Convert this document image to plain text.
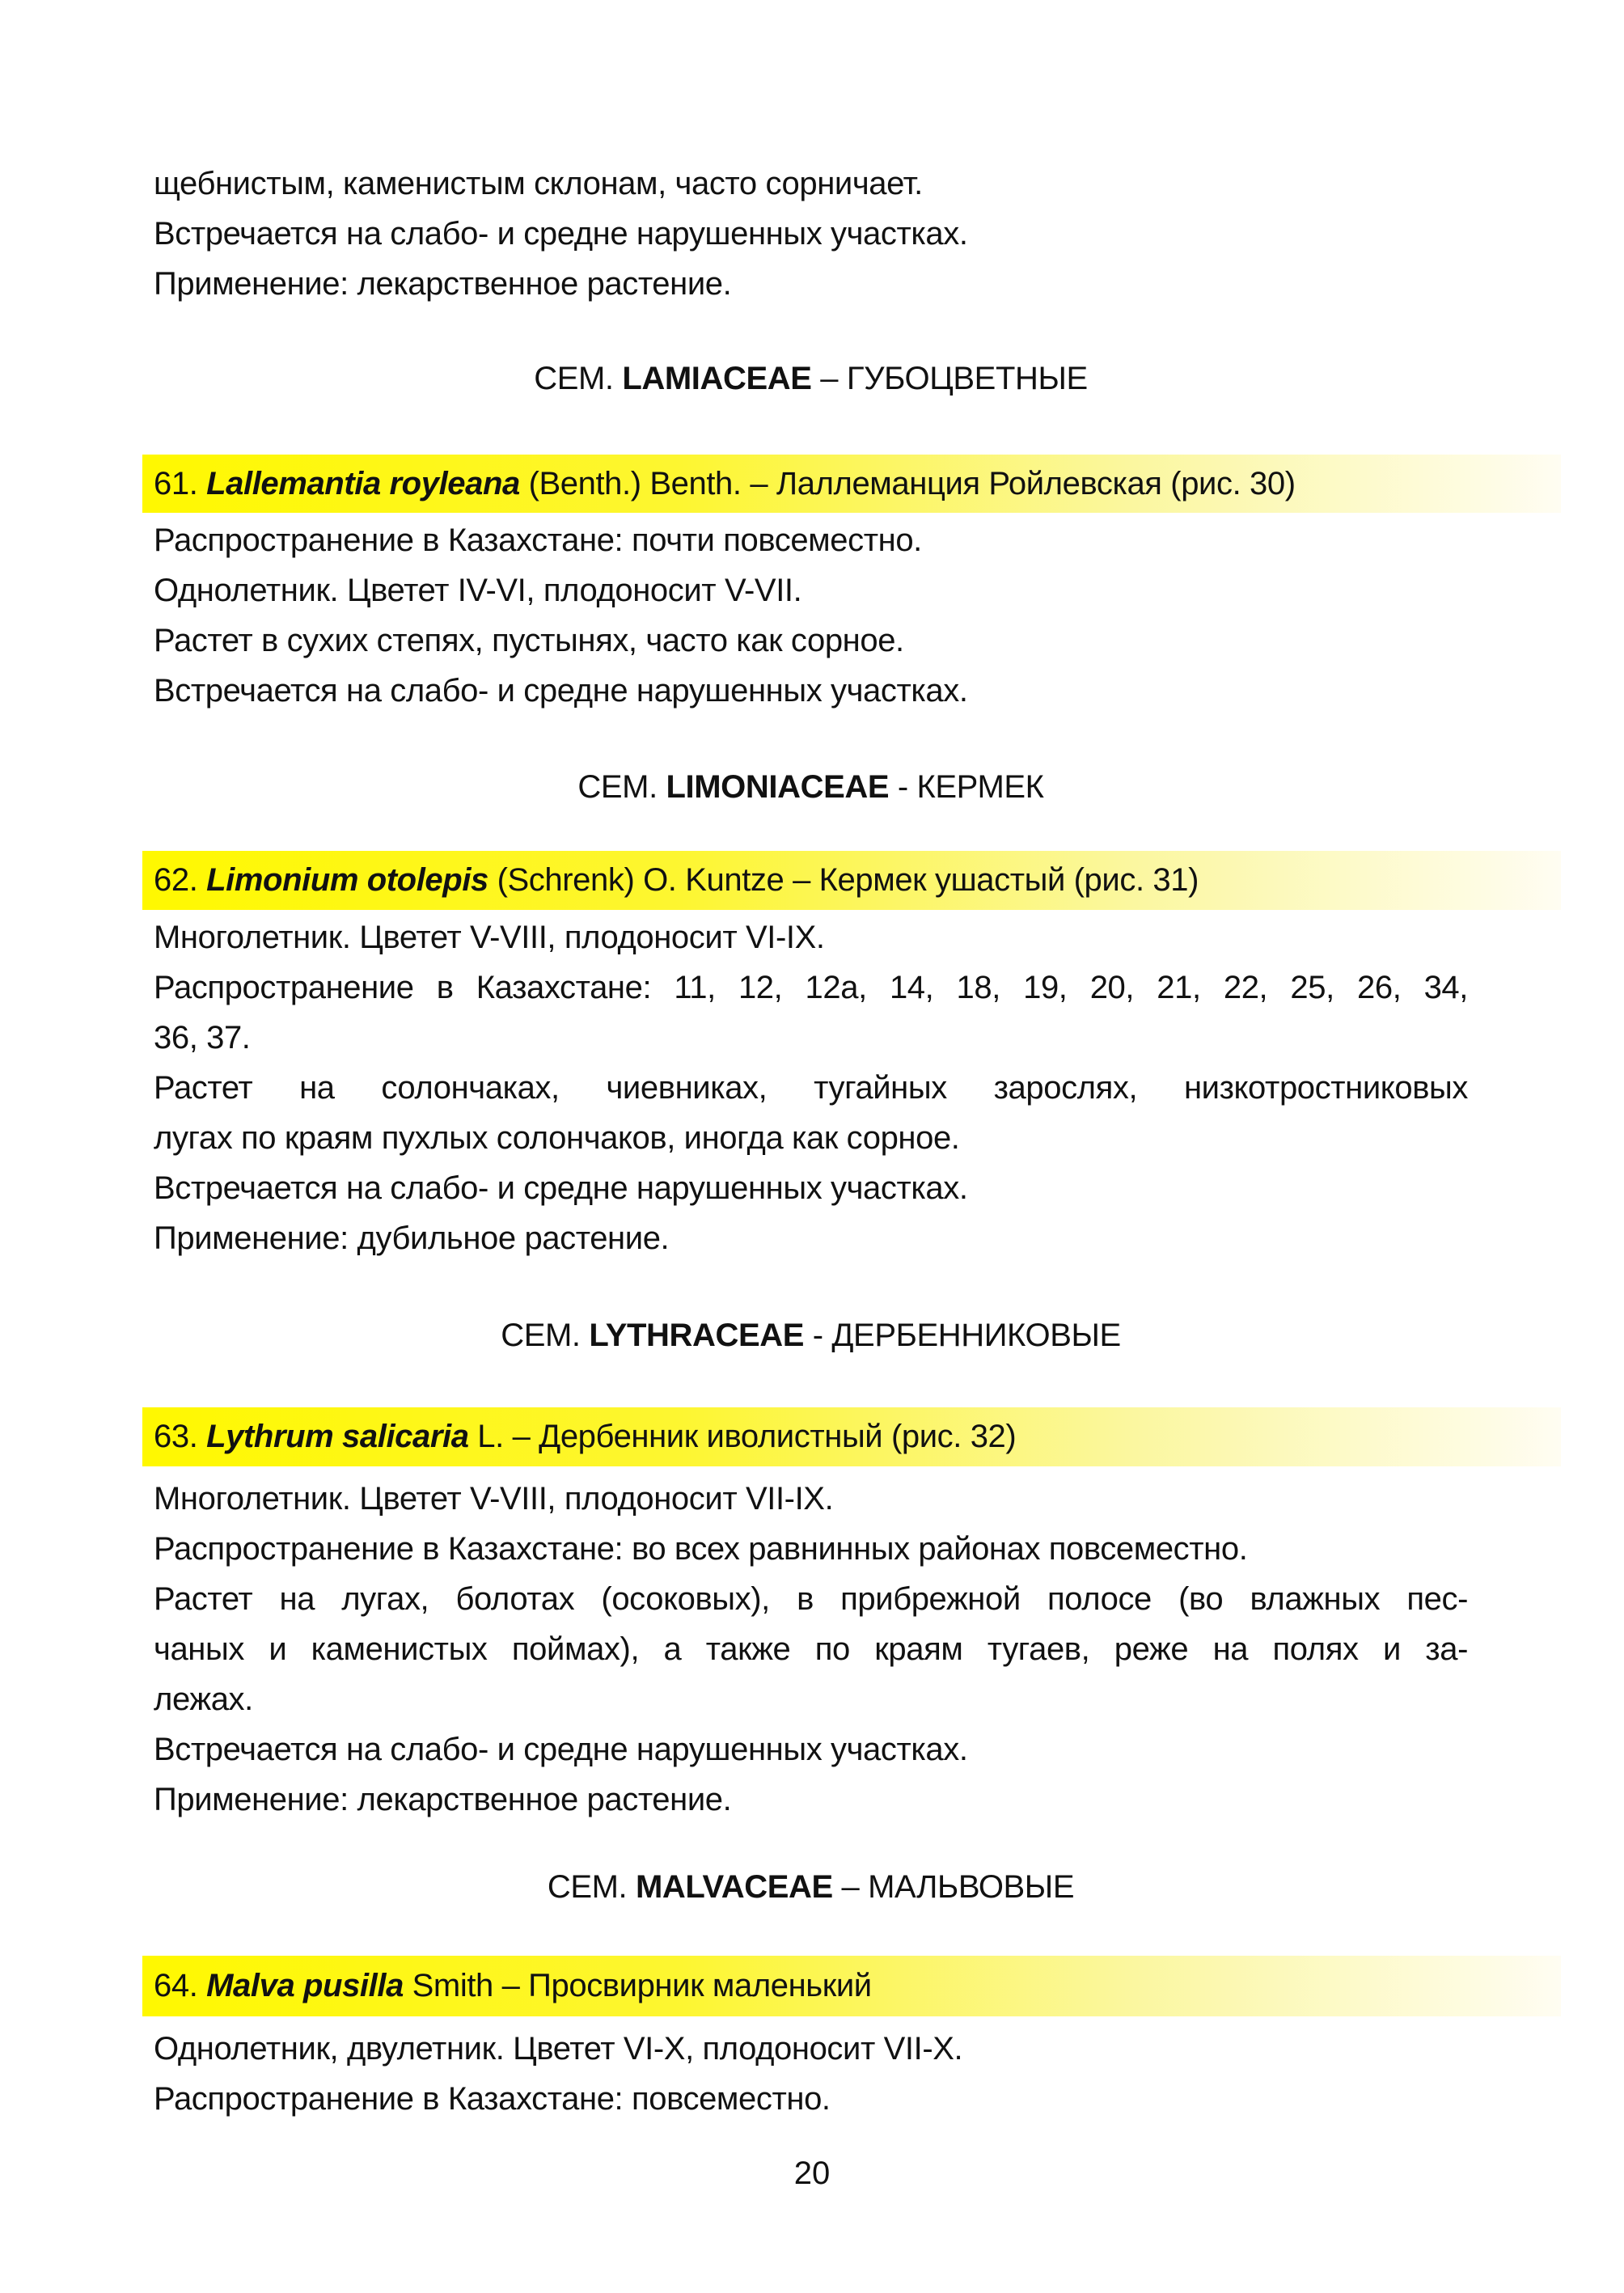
щебнистым, каменистым склонам, часто сорничает.
Встречается на слабо- и средне нарушенных участках.
Применение: лекарственное растение.
СЕМ. LAMIACEAE – ГУБОЦВЕТНЫЕ
61. Lallemantia royleana (Benth.) Benth. – Лаллеманция Ройлевская (рис. 30)
Распространение в Казахстане: почти повсеместно.
Однолетник. Цветет IV-VI, плодоносит V-VII.
Растет в сухих степях, пустынях, часто как сорное.
Встречается на слабо- и средне нарушенных участках.
СЕМ. LIMONIACEAE - КЕРМЕК
62. Limonium otolepis (Schrenk) O. Kuntze – Кермек ушастый (рис. 31)
Многолетник. Цветет V-VIII, плодоносит VI-IX.
Распространение в Казахстане: 11, 12, 12а, 14, 18, 19, 20, 21, 22, 25, 26, 34,
36, 37.
Растет на солончаках, чиевниках, тугайных зарослях, низкотростниковых
лугах по краям пухлых солончаков, иногда как сорное.
Встречается на слабо- и средне нарушенных участках.
Применение: дубильное растение.
СЕМ. LYTHRACEAE - ДЕРБЕННИКОВЫЕ
63. Lythrum salicaria L. – Дербенник иволистный (рис. 32)
Многолетник. Цветет V-VIII, плодоносит VII-IX.
Распространение в Казахстане: во всех равнинных районах повсеместно.
Растет на лугах, болотах (осоковых), в прибрежной полосе (во влажных пес-
чаных и каменистых поймах), а также по краям тугаев, реже на полях и за-
лежах.
Встречается на слабо- и средне нарушенных участках.
Применение: лекарственное растение.
СЕМ. MALVACEAE – МАЛЬВОВЫЕ
64. Malva pusilla Smith – Просвирник маленький
Однолетник, двулетник. Цветет VI-X, плодоносит VII-X.
Распространение в Казахстане: повсеместно.
20
